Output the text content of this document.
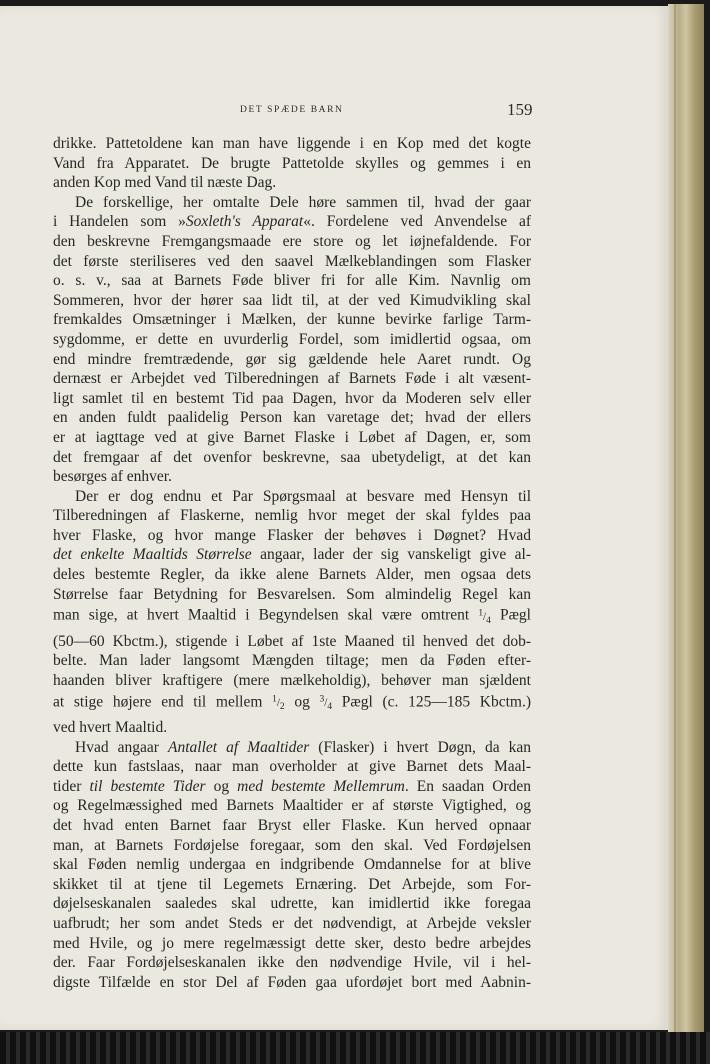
DET SPÆDE BARN	159
drikke. Pattetoldene kan man have liggende i en Kop med det kogte
Vand fra Apparatet. De brugte Pattetolde skylles og gemmes i en
anden Kop med Vand til næste Dag.
De forskellige, her omtalte Dele høre sammen til, hvad der gaar
i Handelen som »Soxleth's Apparat«. Fordelene ved Anvendelse af
den beskrevne Fremgangsmaade ere store og let iøjnefaldende. For
det første steriliseres ved den saavel Mælkeblandingen som Flasker
o. s. v., saa at Barnets Føde bliver fri for alle Kim. Navnlig om
Sommeren, hvor der hører saa lidt til, at der ved Kimudvikling skal
fremkaldes Omsætninger i Mælken, der kunne bevirke farlige Tarm-
sygdomme, er dette en uvurderlig Fordel, som imidlertid ogsaa, om
end mindre fremtrædende, gør sig gældende hele Aaret rundt. Og
dernæst er Arbejdet ved Tilberedningen af Barnets Føde i alt væsent-
ligt samlet til en bestemt Tid paa Dagen, hvor da Moderen selv eller
en anden fuldt paalidelig Person kan varetage det; hvad der ellers
er at iagttage ved at give Barnet Flaske i Løbet af Dagen, er, som
det fremgaar af det ovenfor beskrevne, saa ubetydeligt, at det kan
besørges af enhver.
Der er dog endnu et Par Spørgsmaal at besvare med Hensyn til
Tilberedningen af Flaskerne, nemlig hvor meget der skal fyldes paa
hver Flaske, og hvor mange Flasker der behøves i Døgnet? Hvad
det enkelte Maaltids Størrelse angaar, lader der sig vanskeligt give al-
deles bestemte Regler, da ikke alene Barnets Alder, men ogsaa dets
Størrelse faar Betydning for Besvarelsen. Som almindelig Regel kan
man sige, at hvert Maaltid i Begyndelsen skal være omtrent $^1/_4$ Pægl
(50—60 Kbctm.), stigende i Løbet af 1ste Maaned til henved det dob-
belte. Man lader langsomt Mængden tiltage; men da Føden efter-
haanden bliver kraftigere (mere mælkeholdig), behøver man sjældent
at stige højere end til mellem $^1/_2$ og $^3/_4$ Pægl (c. 125—185 Kbctm.)
ved hvert Maaltid.
Hvad angaar Antallet af Maaltider (Flasker) i hvert Døgn, da kan
dette kun fastslaas, naar man overholder at give Barnet dets Maal-
tider til bestemte Tider og med bestemte Mellemrum. En saadan Orden
og Regelmæssighed med Barnets Maaltider er af største Vigtighed, og
det hvad enten Barnet faar Bryst eller Flaske. Kun herved opnaar
man, at Barnets Fordøjelse foregaar, som den skal. Ved Fordøjelsen
skal Føden nemlig undergaa en indgribende Omdannelse for at blive
skikket til at tjene til Legemets Ernæring. Det Arbejde, som For-
døjelseskanalen saaledes skal udrette, kan imidlertid ikke foregaa
uafbrudt; her som andet Steds er det nødvendigt, at Arbejde veksler
med Hvile, og jo mere regelmæssigt dette sker, desto bedre arbejdes
der. Faar Fordøjelseskanalen ikke den nødvendige Hvile, vil i hel-
digste Tilfælde en stor Del af Føden gaa ufordøjet bort med Aabnin-
